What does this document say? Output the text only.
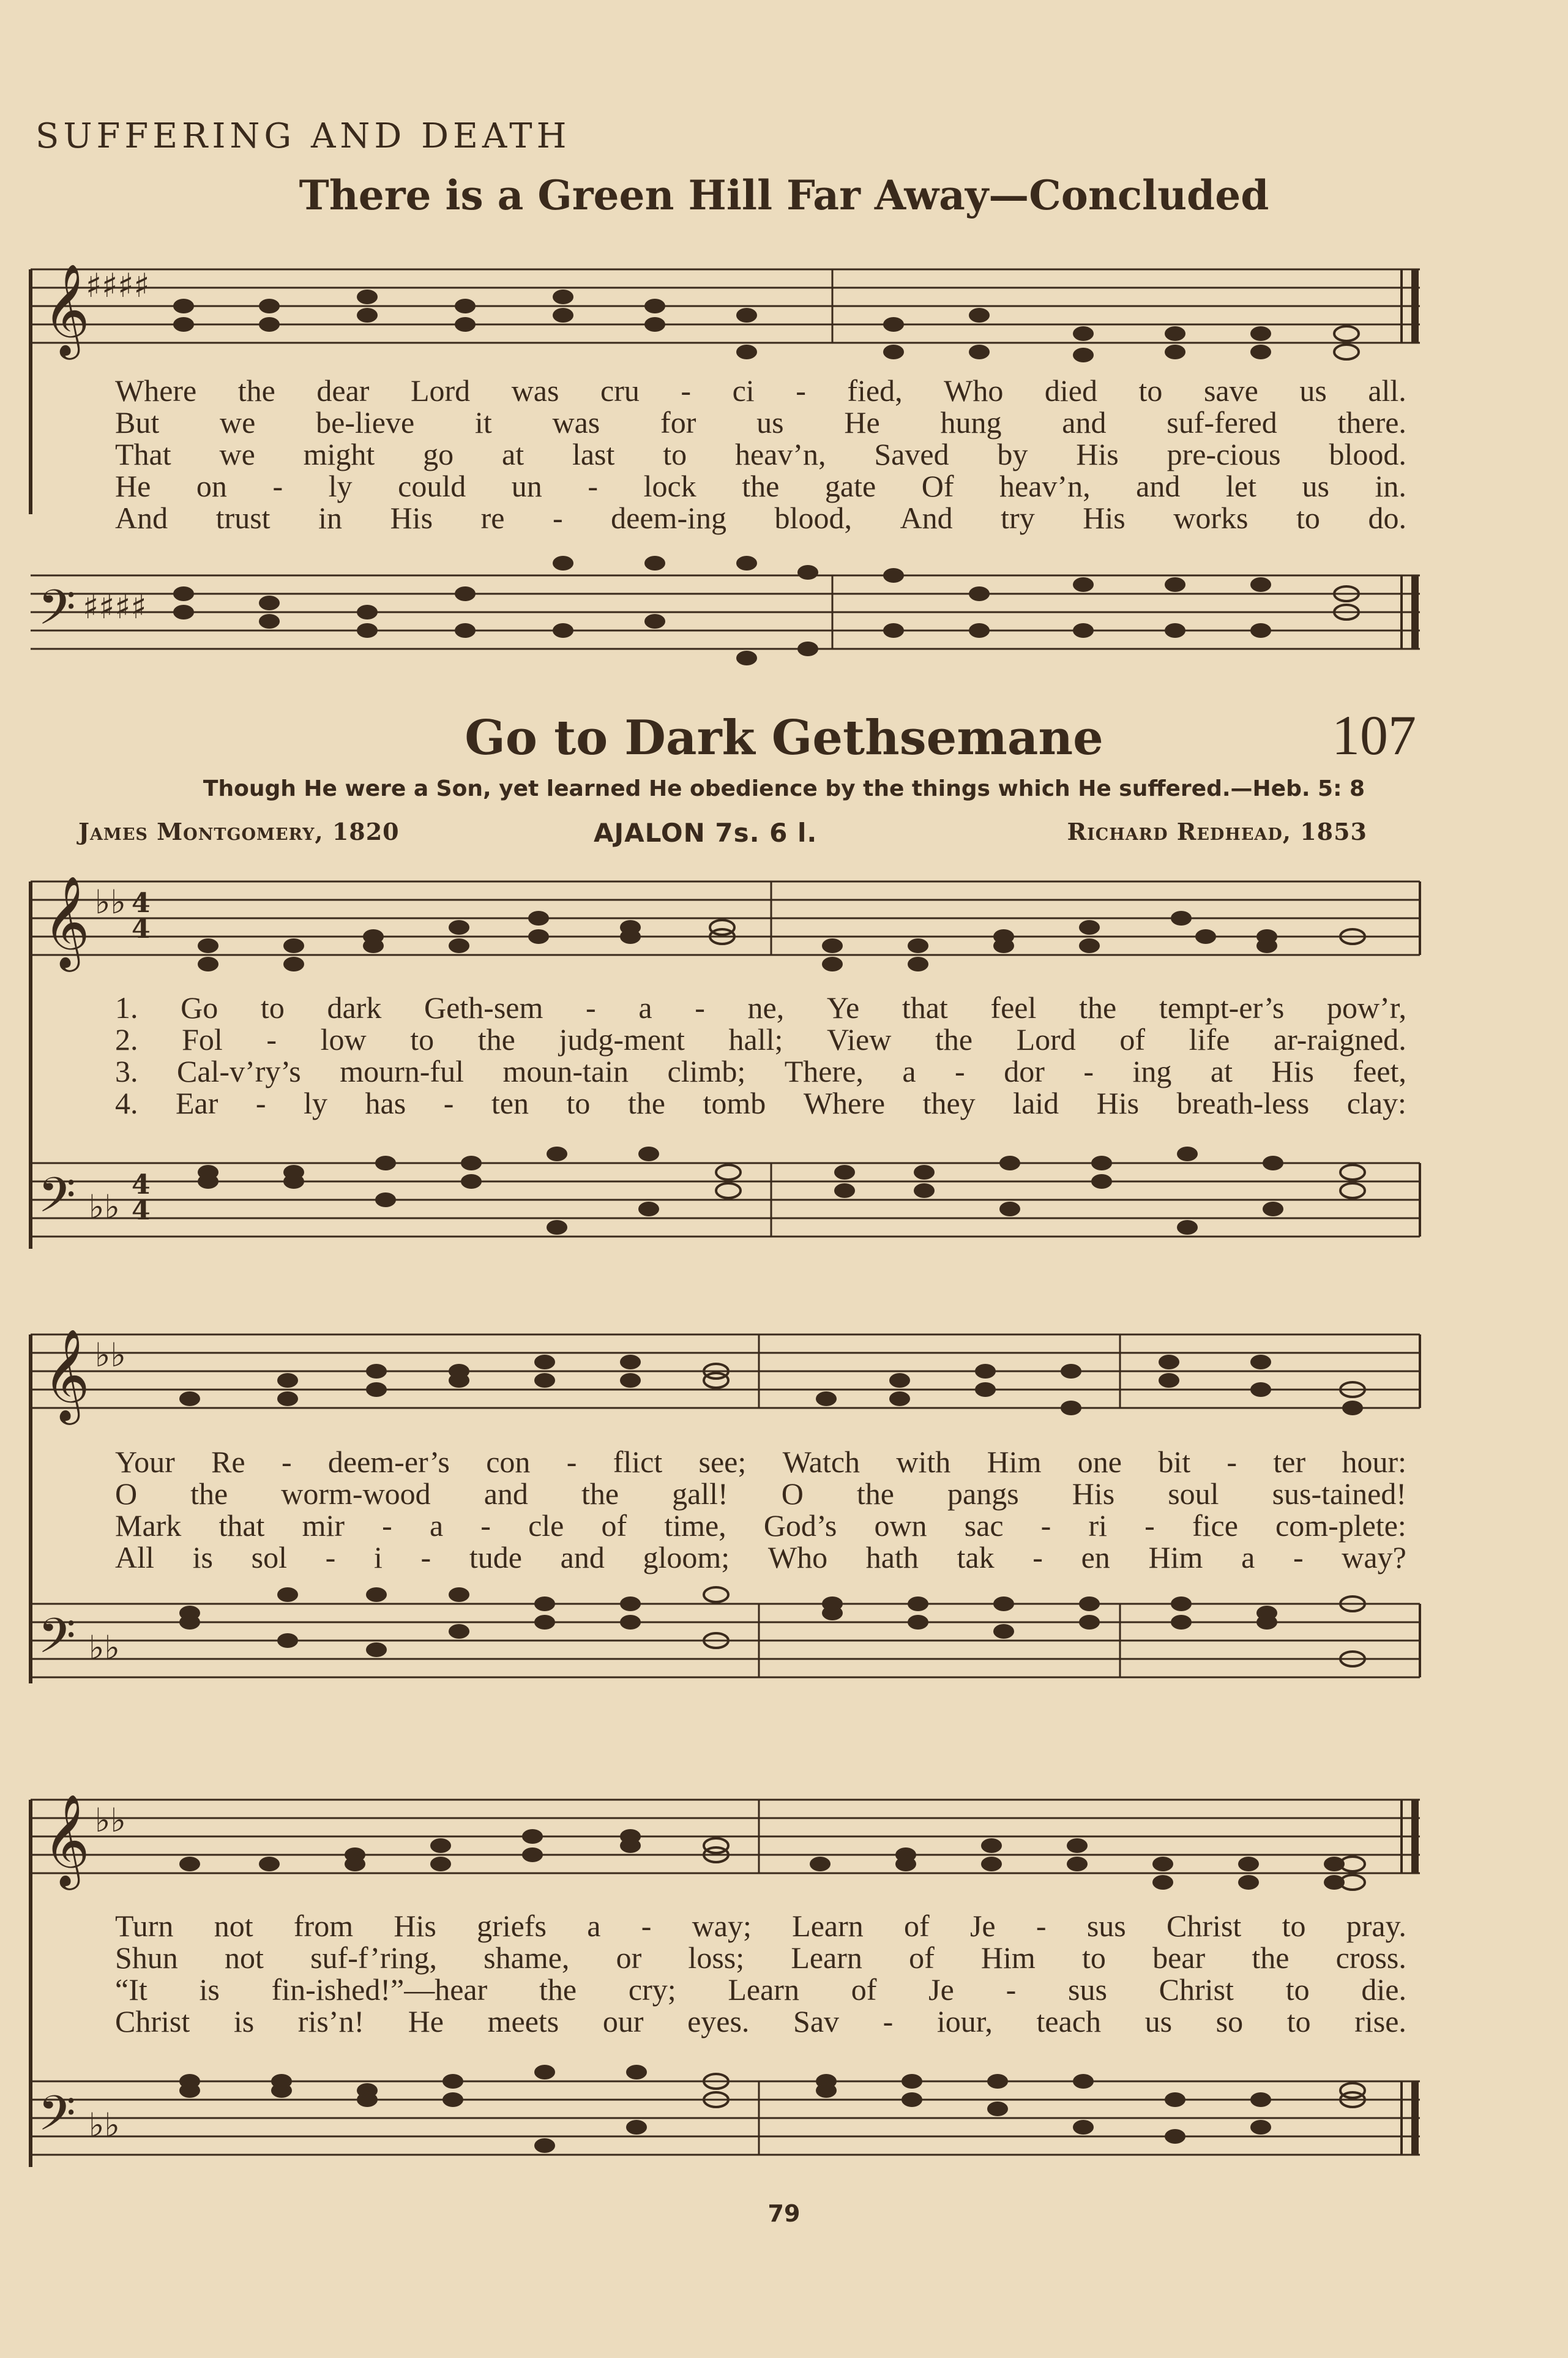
SUFFERING AND DEATH
There is a Green Hill Far Away—Concluded
𝄞
♯♯♯♯
Where the dear Lord was cru - ci - fied, Who died to save us all.
But we be-lieve it was for us He hung and suf-fered there.
That we might go at last to heav’n, Saved by His pre-cious blood.
He on - ly could un - lock the gate Of heav’n, and let us in.
And trust in His re - deem-ing blood, And try His works to do.
𝄢 ♯♯♯♯
Go to Dark Gethsemane	107
Though He were a Son, yet learned He obedience by the things which He suffered.—Heb. 5: 8
James Montgomery, 1820	AJALON 7s. 6 l.	Richard Redhead, 1853
𝄞 ♭♭ 4
4
1. Go to dark Geth-sem - a - ne, Ye that feel the tempt-er’s pow’r,
2. Fol - low to the judg-ment hall; View the Lord of life ar-raigned.
3. Cal-v’ry’s mourn-ful moun-tain climb; There, a - dor - ing at His feet,
4. Ear - ly has - ten to the tomb Where they laid His breath-less clay:
𝄢 ♭♭
4
4
𝄞 ♭♭
Your Re - deem-er’s con - flict see; Watch with Him one bit - ter hour:
O the worm-wood and the gall! O the pangs His soul sus-tained!
Mark that mir - a - cle of time, God’s own sac - ri - fice com-plete:
All is sol - i - tude and gloom; Who hath tak - en Him a - way?
𝄢 ♭♭
𝄞 ♭♭
Turn not from His griefs a - way; Learn of Je - sus Christ to pray.
Shun not suf-f’ring, shame, or loss; Learn of Him to bear the cross.
“It is fin-ished!”—hear the cry; Learn of Je - sus Christ to die.
Christ is ris’n! He meets our eyes. Sav - iour, teach us so to rise.
𝄢 ♭♭
79
